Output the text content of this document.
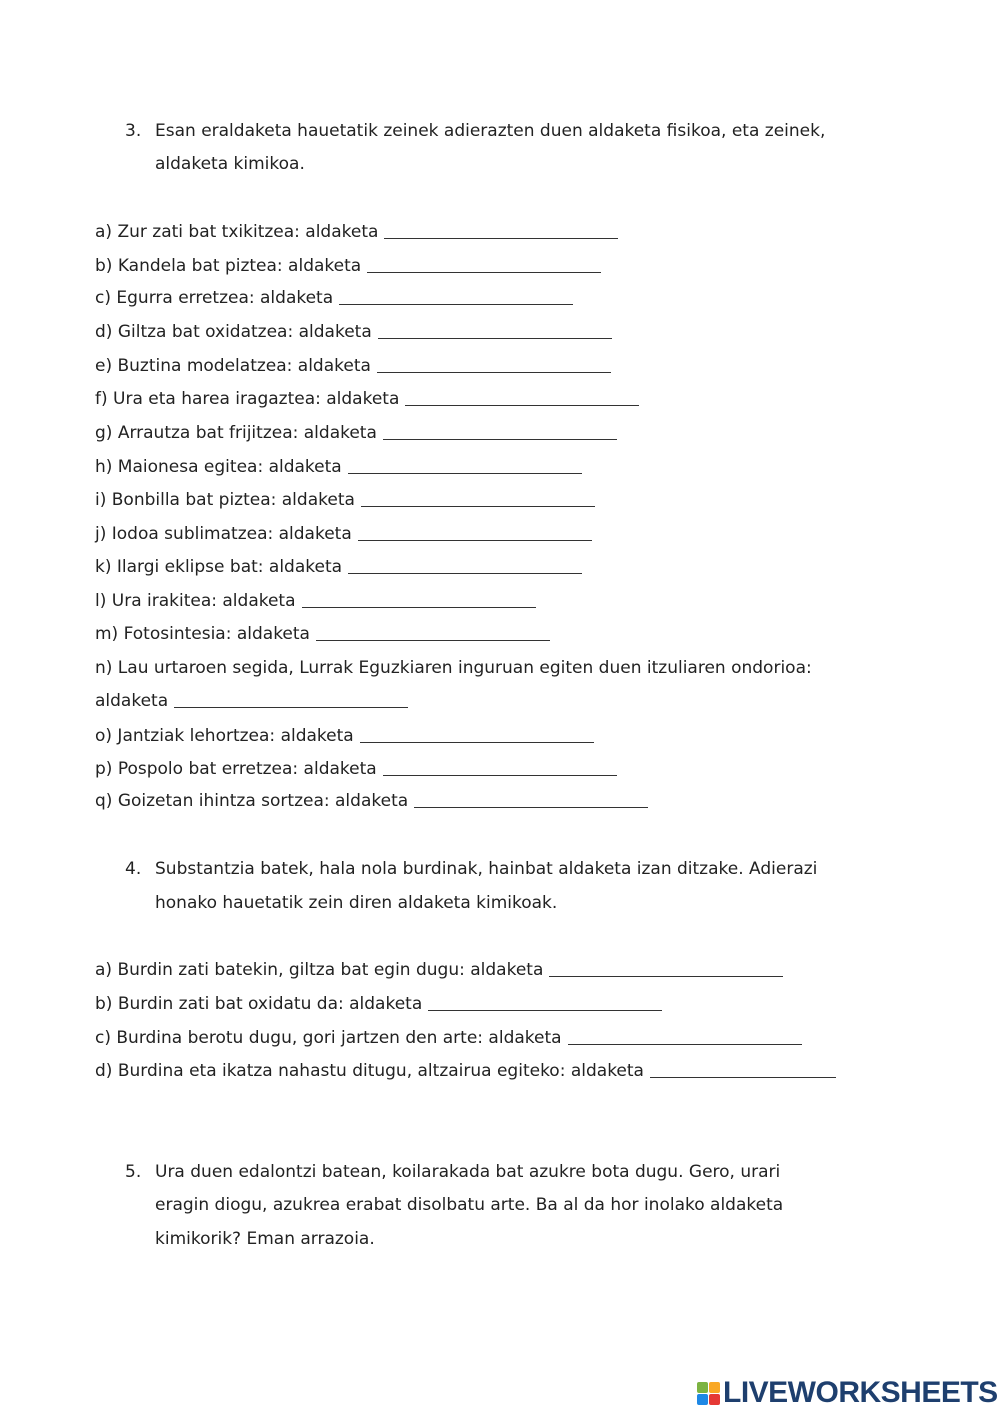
3. Esan eraldaketa hauetatik zeinek adierazten duen aldaketa fisikoa, eta zeinek,
aldaketa kimikoa.
4. Substantzia batek, hala nola burdinak, hainbat aldaketa izan ditzake. Adierazi
honako hauetatik zein diren aldaketa kimikoak.
5. Ura duen edalontzi batean, koilarakada bat azukre bota dugu. Gero, urari
eragin diogu, azukrea erabat disolbatu arte. Ba al da hor inolako aldaketa
kimikorik? Eman arrazoia.
LIVEWORKSHEETS
a) Zur zati bat txikitzea: aldaketa
b) Kandela bat piztea: aldaketa
c) Egurra erretzea: aldaketa
d) Giltza bat oxidatzea: aldaketa
e) Buztina modelatzea: aldaketa
f) Ura eta harea iragaztea: aldaketa
g) Arrautza bat frijitzea: aldaketa
h) Maionesa egitea: aldaketa
i) Bonbilla bat piztea: aldaketa
j) Iodoa sublimatzea: aldaketa
k) Ilargi eklipse bat: aldaketa
l) Ura irakitea: aldaketa
m) Fotosintesia: aldaketa
n) Lau urtaroen segida, Lurrak Eguzkiaren inguruan egiten duen itzuliaren ondorioa:
aldaketa
o) Jantziak lehortzea: aldaketa
p) Pospolo bat erretzea: aldaketa
q) Goizetan ihintza sortzea: aldaketa
a) Burdin zati batekin, giltza bat egin dugu: aldaketa
b) Burdin zati bat oxidatu da: aldaketa
c) Burdina berotu dugu, gori jartzen den arte: aldaketa
d) Burdina eta ikatza nahastu ditugu, altzairua egiteko: aldaketa
